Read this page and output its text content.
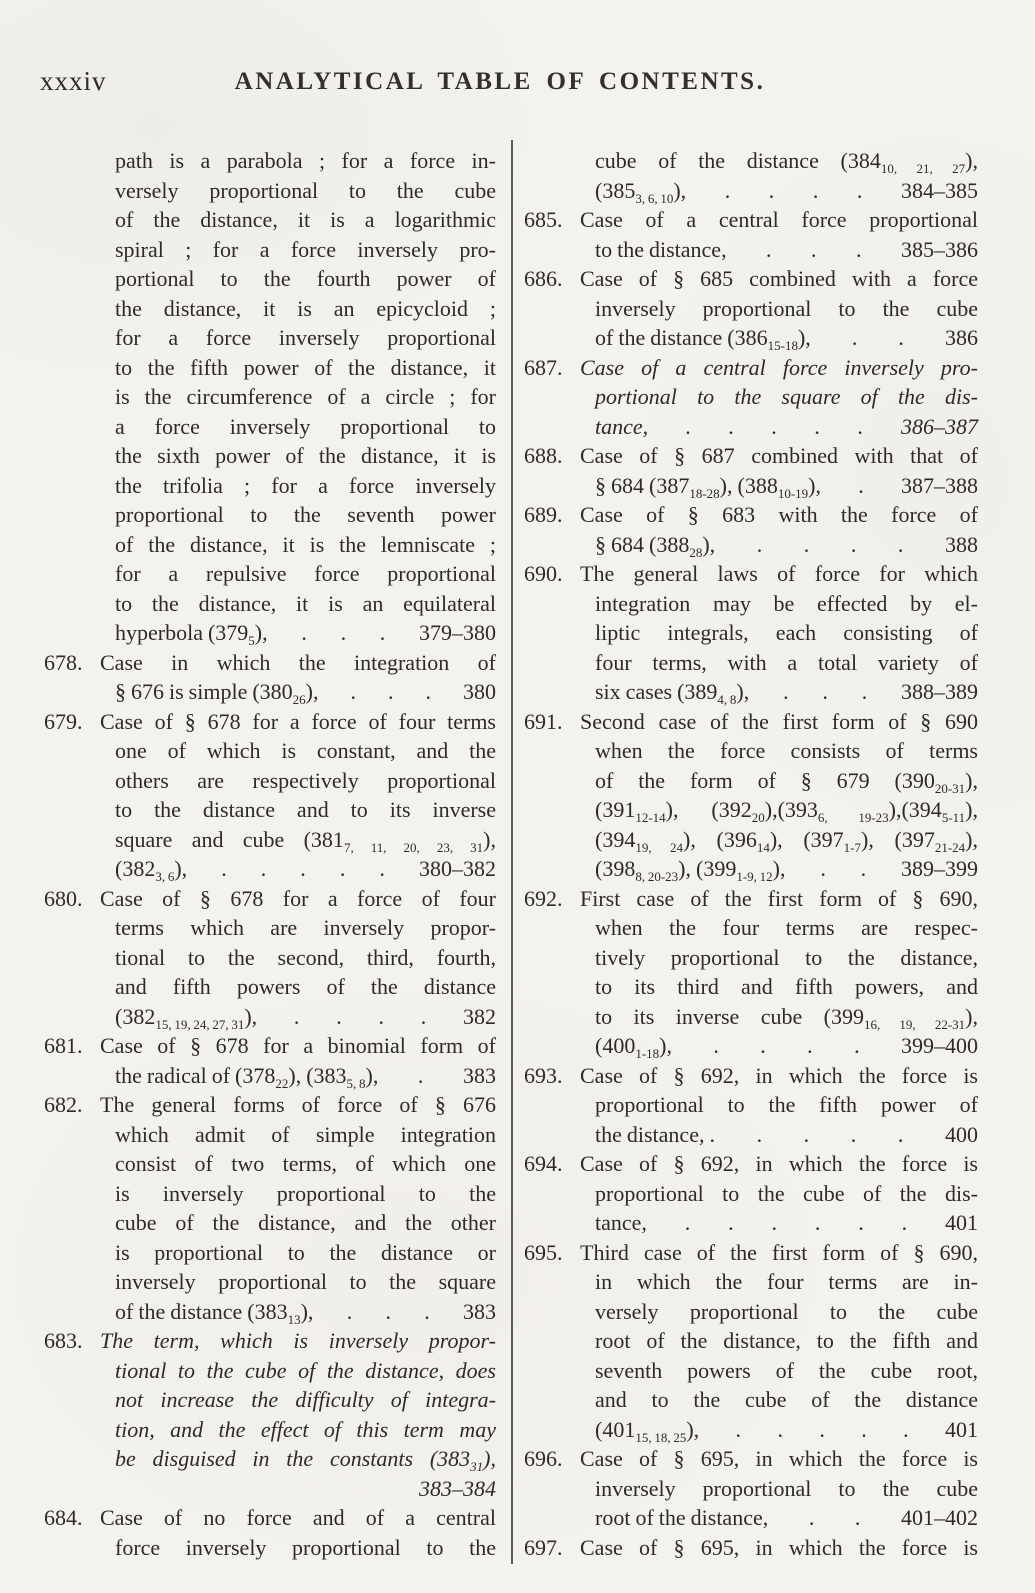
xxxiv	ANALYTICAL TABLE OF CONTENTS.
path is a parabola ; for a force in-
versely proportional to the cube
of the distance, it is a logarithmic
spiral ; for a force inversely pro-
portional to the fourth power of
the distance, it is an epicycloid ;
for a force inversely proportional
to the fifth power of the distance, it
is the circumference of a circle ; for
a force inversely proportional to
the sixth power of the distance, it is
the trifolia ; for a force inversely
proportional to the seventh power
of the distance, it is the lemniscate ;
for a repulsive force proportional
to the distance, it is an equilateral
hyperbola $(379_5)$, . . . 379–380
678. Case in which the integration of
§ 676 is simple $(380_{26})$, . . . 380
679. Case of § 678 for a force of four terms
one of which is constant, and the
others are respectively proportional
to the distance and to its inverse
square and cube $(381_{7, 11, 20, 23, 31})$,
$(382_{3, 6})$, . . . . . 380–382
680. Case of § 678 for a force of four
terms which are inversely propor-
tional to the second, third, fourth,
and fifth powers of the distance
$(382_{15, 19, 24, 27, 31})$, . . . . 382
681. Case of § 678 for a binomial form of
the radical of $(378_{22})$, $(383_{5, 8})$, . 383
682. The general forms of force of § 676
which admit of simple integration
consist of two terms, of which one
is inversely proportional to the
cube of the distance, and the other
is proportional to the distance or
inversely proportional to the square
of the distance $(383_{13})$, . . . 383
683. The term, which is inversely propor-
tional to the cube of the distance, does
not increase the difficulty of integra-
tion, and the effect of this term may
be disguised in the constants $(383_{31})$,
383–384
684. Case of no force and of a central
force inversely proportional to the
cube of the distance $(384_{10, 21, 27})$,
$(385_{3, 6, 10})$, . . . . 384–385
685. Case of a central force proportional
to the distance, . . . 385–386
686. Case of § 685 combined with a force
inversely proportional to the cube
of the distance $(386_{15-18})$, . . 386
687. Case of a central force inversely pro-
portional to the square of the dis-
tance, . . . . . 386–387
688. Case of § 687 combined with that of
§ 684 $(387_{18-28})$, $(388_{10-19})$, . 387–388
689. Case of § 683 with the force of
§ 684 $(388_{28})$, . . . . 388
690. The general laws of force for which
integration may be effected by el-
liptic integrals, each consisting of
four terms, with a total variety of
six cases $(389_{4, 8})$, . . . 388–389
691. Second case of the first form of § 690
when the force consists of terms
of the form of § 679 $(390_{20-31})$,
$(391_{12-14})$, $(392_{20}),(393_{6, 19-23}),(394_{5-11})$,
$(394_{19, 24})$, $(396_{14})$, $(397_{1-7})$, $(397_{21-24})$,
$(398_{8, 20-23})$, $(399_{1-9, 12})$, . . 389–399
692. First case of the first form of § 690,
when the four terms are respec-
tively proportional to the distance,
to its third and fifth powers, and
to its inverse cube $(399_{16, 19, 22-31})$,
$(400_{1-18})$, . . . . 399–400
693. Case of § 692, in which the force is
proportional to the fifth power of
the distance, . . . . . 400
694. Case of § 692, in which the force is
proportional to the cube of the dis-
tance, . . . . . . 401
695. Third case of the first form of § 690,
in which the four terms are in-
versely proportional to the cube
root of the distance, to the fifth and
seventh powers of the cube root,
and to the cube of the distance
$(401_{15, 18, 25})$, . . . . . 401
696. Case of § 695, in which the force is
inversely proportional to the cube
root of the distance, . . 401–402
697. Case of § 695, in which the force is
